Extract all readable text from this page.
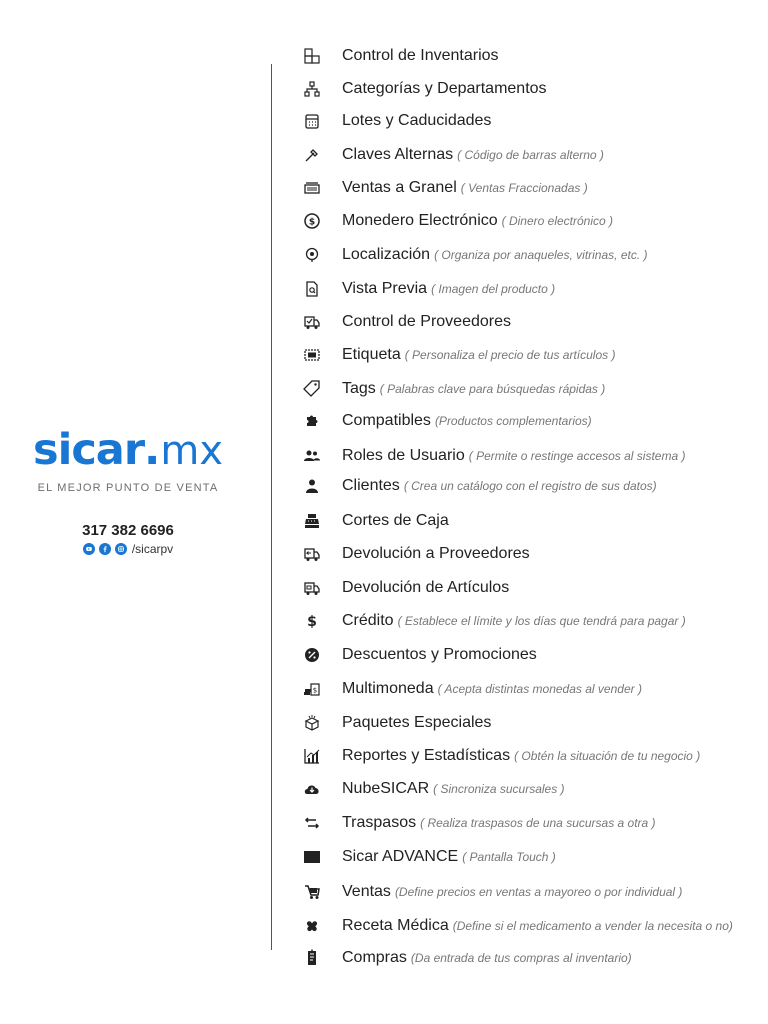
sicar.mx
EL MEJOR PUNTO DE VENTA
317 382 6696
/sicarpv
Control de Inventarios
Categorías y Departamentos
Lotes y Caducidades
Claves Alternas ( Código de barras alterno )
Ventas a Granel ( Ventas Fraccionadas )
$ Monedero Electrónico ( Dinero electrónico )
Localización ( Organiza por anaqueles, vitrinas, etc. )
Vista Previa ( Imagen del producto )
Control de Proveedores
Etiqueta ( Personaliza el precio de tus artículos )
Tags ( Palabras clave para búsquedas rápidas )
Compatibles (Productos complementarios)
Roles de Usuario ( Permite o restinge accesos al sistema )
Clientes ( Crea un catálogo con el registro de sus datos)
Cortes de Caja
Devolución a Proveedores
Devolución de Artículos
$ Crédito ( Establece el límite y los días que tendrá para pagar )
Descuentos y Promociones
$ Multimoneda ( Acepta distintas monedas al vender )
Paquetes Especiales
Reportes y Estadísticas ( Obtén la situación de tu negocio )
NubeSICAR ( Sincroniza sucursales )
Traspasos ( Realiza traspasos de una sucursas a otra )
Sicar ADVANCE ( Pantalla Touch )
Ventas (Define precios en ventas a mayoreo o por individual )
Receta Médica (Define si el medicamento a vender la necesita o no)
Compras (Da entrada de tus compras al inventario)
